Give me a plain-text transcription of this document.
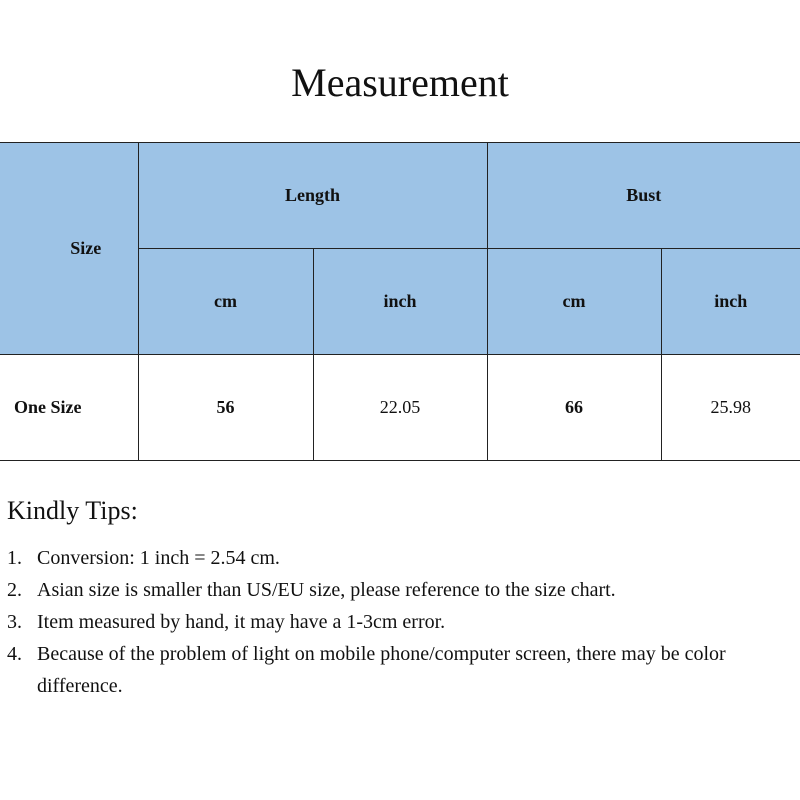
Measurement
Size	Length		Bust	
	cm	inch	cm	inch
One Size	56	22.05	66	25.98
Kindly Tips:
1. Conversion: 1 inch = 2.54 cm.
2. Asian size is smaller than US/EU size, please reference to the size chart.
3. Item measured by hand, it may have a 1-3cm error.
4. Because of the problem of light on mobile phone/computer screen, there may be color difference.
